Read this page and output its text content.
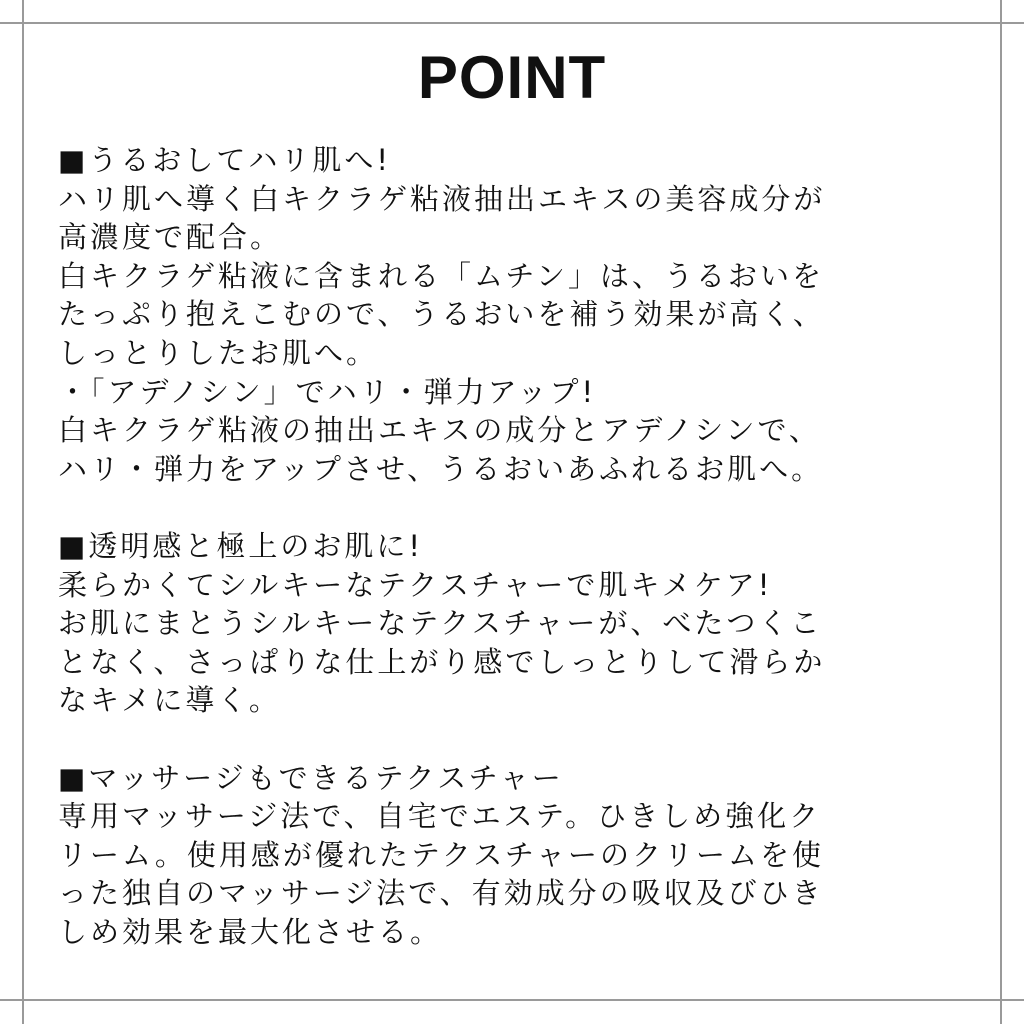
POINT
■うるおしてハリ肌へ!
ハリ肌へ導く白キクラゲ粘液抽出エキスの美容成分が
高濃度で配合。
白キクラゲ粘液に含まれる「ムチン」は、うるおいを
たっぷり抱えこむので、うるおいを補う効果が高く、
しっとりしたお肌へ。
・「アデノシン」でハリ・弾力アップ!
白キクラゲ粘液の抽出エキスの成分とアデノシンで、
ハリ・弾力をアップさせ、うるおいあふれるお肌へ。
■透明感と極上のお肌に!
柔らかくてシルキーなテクスチャーで肌キメケア!
お肌にまとうシルキーなテクスチャーが、べたつくこ
となく、さっぱりな仕上がり感でしっとりして滑らか
なキメに導く。
■マッサージもできるテクスチャー
専用マッサージ法で、自宅でエステ。ひきしめ強化ク
リーム。使用感が優れたテクスチャーのクリームを使
った独自のマッサージ法で、有効成分の吸収及びひき
しめ効果を最大化させる。
